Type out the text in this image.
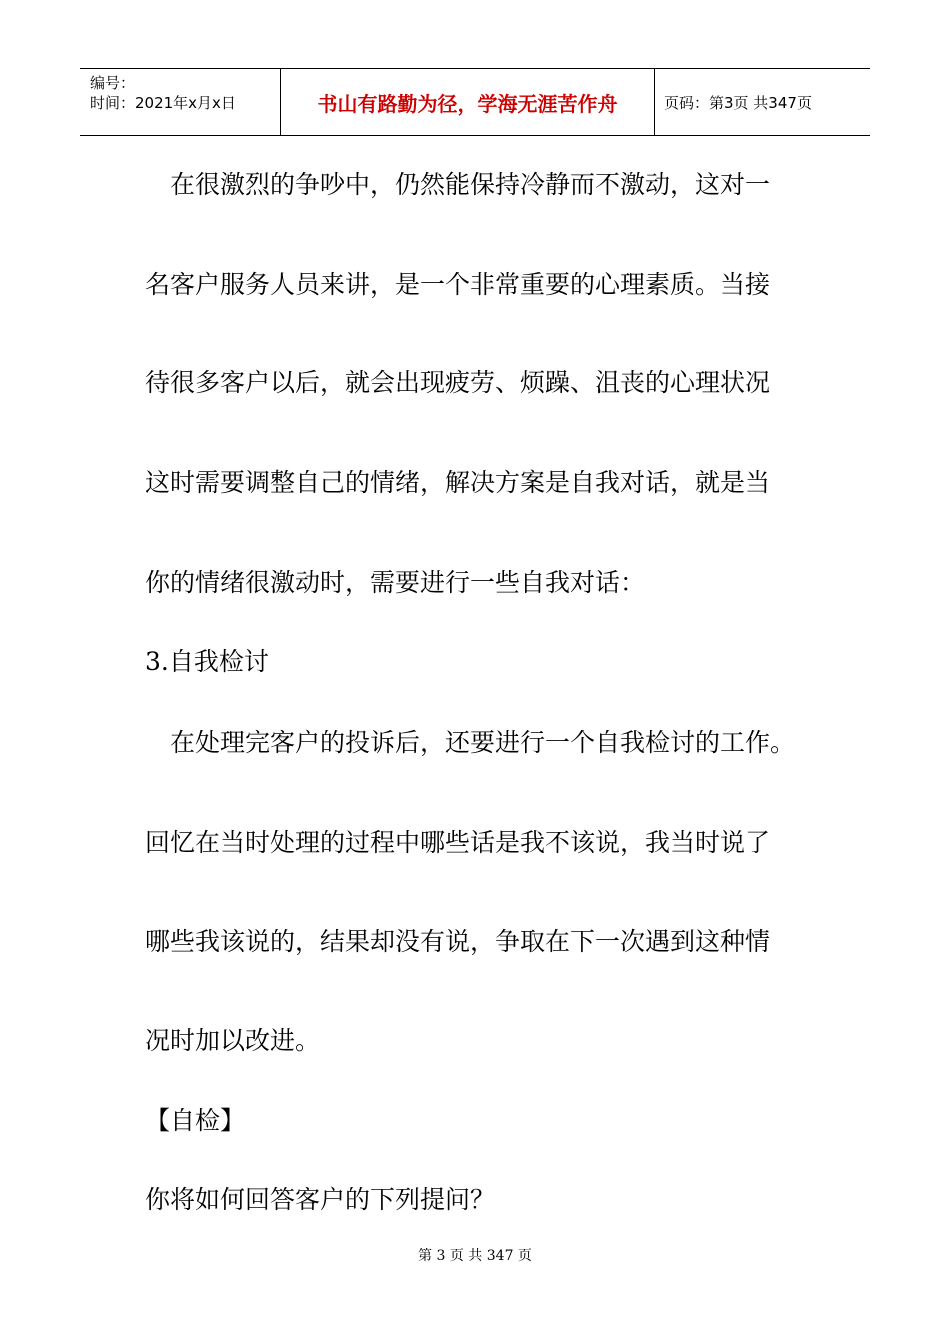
编号：
时间：2021年x月x日	书山有路勤为径，学海无涯苦作舟	页码：第3页 共347页
　在很激烈的争吵中，仍然能保持冷静而不激动，这对一
名客户服务人员来讲，是一个非常重要的心理素质。当接
待很多客户以后，就会出现疲劳、烦躁、沮丧的心理状况
这时需要调整自己的情绪，解决方案是自我对话，就是当
你的情绪很激动时，需要进行一些自我对话：
3.自我检讨
　在处理完客户的投诉后，还要进行一个自我检讨的工作。
回忆在当时处理的过程中哪些话是我不该说，我当时说了
哪些我该说的，结果却没有说，争取在下一次遇到这种情
况时加以改进。
【自检】
你将如何回答客户的下列提问？
第 3 页 共 347 页
